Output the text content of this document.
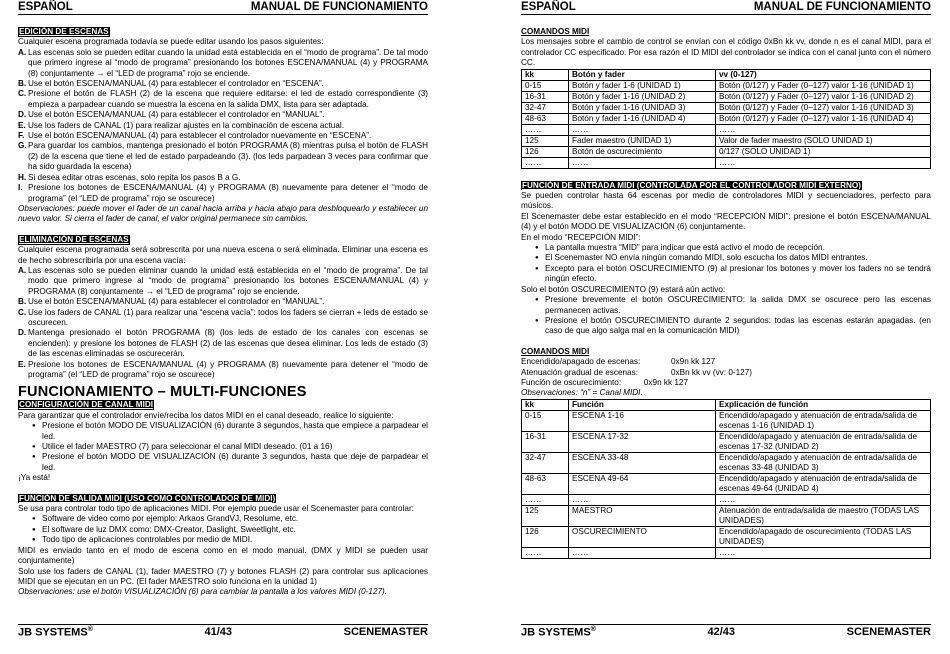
ESPAÑOL	MANUAL DE FUNCIONAMIENTO
EDICIÓN DE ESCENAS

Cualquier escena programada todavía se puede editar usando los pasos siguientes:

A. Las escenas solo se pueden editar cuando la unidad está establecida en el “modo de programa”. De tal modo que primero ingrese al “modo de programa” presionando los botones ESCENA/MANUAL (4) y PROGRAMA (8) conjuntamente → el “LED de programa” rojo se enciende.
B. Use el botón ESCENA/MANUAL (4) para establecer el controlador en “ESCENA”.
C. Presione el botón de FLASH (2) de la escena que requiere editarse: el led de estado correspondiente (3) empieza a parpadear cuando se muestra la escena en la salida DMX, lista para ser adaptada.
D. Use el botón ESCENA/MANUAL (4) para establecer el controlador en “MANUAL”.
E. Use los faders de CANAL (1) para realizar ajustes en la combinación de escena actual.
F. Use el botón ESCENA/MANUAL (4) para establecer el controlador nuevamente en “ESCENA”.
G. Para guardar los cambios, mantenga presionado el botón PROGRAMA (8) mientras pulsa el botón de FLASH (2) de la escena que tiene el led de estado parpadeando (3). (los leds parpadean 3 veces para confirmar que ha sido guardada la escena)
H. Si desea editar otras escenas, solo repita los pasos B a G.
I. Presione los botones de ESCENA/MANUAL (4) y PROGRAMA (8) nuevamente para detener el “modo de programa” (el “LED de programa” rojo se oscurece)

Observaciones: puede mover el fader de un canal hacia arriba y hacia abajo para desbloquearlo y establecer un nuevo valor. Si cierra el fader de canal, el valor original permanece sin cambios.

ELIMINACIÓN DE ESCENAS

Cualquier escena programada será sobrescrita por una nueva escena o será eliminada. Eliminar una escena es de hecho sobrescribirla por una escena vacía:

A. Las escenas solo se pueden eliminar cuando la unidad está establecida en el “modo de programa”. De tal modo que primero ingrese al “modo de programa” presionando los botones ESCENA/MANUAL (4) y PROGRAMA (8) conjuntamente → el “LED de programa” rojo se enciende.
B. Use el botón ESCENA/MANUAL (4) para establecer el controlador en “MANUAL”.
C. Use los faders de CANAL (1) para realizar una “escena vacía”: todos los faders se cierran + leds de estado se oscurecen.
D. Mantenga presionado el botón PROGRAMA (8) (los leds de estado de los canales con escenas se encienden): y presione los botones de FLASH (2) de las escenas que desea eliminar. Los leds de estado (3) de las escenas eliminadas se oscurecerán.
E. Presione los botones de ESCENA/MANUAL (4) y PROGRAMA (8) nuevamente para detener el “modo de programa” (el “LED de programa” rojo se oscurece)
FUNCIONAMIENTO – MULTI-FUNCIONES
CONFIGURACIÓN DE CANAL MIDI

Para garantizar que el controlador envíe/reciba los datos MIDI en el canal deseado, realice lo siguiente:

● Presione el botón MODO DE VISUALIZACIÓN (6) durante 3 segundos, hasta que empiece a parpadear el led.
● Utilice el fader MAESTRO (7) para seleccionar el canal MIDI deseado. (01 a 16)
● Presione el botón MODO DE VISUALIZACIÓN (6) durante 3 segundos, hasta que deje de parpadear el led.

¡Ya está!

FUNCIÓN DE SALIDA MIDI (USO COMO CONTROLADOR DE MIDI)

Se usa para controlar todo tipo de aplicaciones MIDI. Por ejemplo puede usar el Scenemaster para controlar:

● Software de video como por ejemplo: Arkaos GrandVJ, Resolume, etc.
● El software de luz DMX como: DMX-Creator, Daslight, Sweetlight, etc.
● Todo tipo de aplicaciones controlables por medio de MIDI.

MIDI es enviado tanto en el modo de escena como en el modo manual. (DMX y MIDI se pueden usar conjuntamente)

Solo use los faders de CANAL (1), fader MAESTRO (7) y botones FLASH (2) para controlar sus aplicaciones MIDI que se ejecutan en un PC. (El fader MAESTRO solo funciona en la unidad 1)

Observaciones: use el botón VISUALIZACIÓN (6) para cambiar la pantalla a los valores MIDI (0-127).

JB SYSTEMS®	41/43	SCENEMASTER
ESPAÑOL	MANUAL DE FUNCIONAMIENTO
COMANDOS MIDI

Los mensajes sobre el cambio de control se envían con el código 0xBn kk vv, donde n es el canal MIDI, para el controlador CC especificado. Por esa razón el ID MIDI del controlador se indica con el canal junto con el número CC.

kk	Botón y fader	vv (0-127)
0-15	Botón y fader 1-6 (UNIDAD 1)	Botón (0/127) y Fader (0–127) valor 1-16 (UNIDAD 1)
16-31	Botón y fader 1-16 (UNIDAD 2)	Botón (0/127) y Fader (0–127) valor 1-16 (UNIDAD 2)
32-47	Botón y fader 1-16 (UNIDAD 3)	Botón (0/127) y Fader (0–127) valor 1-16 (UNIDAD 3)
48-63	Botón y fader 1-16 (UNIDAD 4)	Botón (0/127) y Fader (0–127) valor 1-16 (UNIDAD 4)
……	……	……
125	Fader maestro (UNIDAD 1)	Valor de fader maestro (SOLO UNIDAD 1)
126	Botón de oscurecimiento	0/127 (SOLO UNIDAD 1)
……	……	……
FUNCIÓN DE ENTRADA MIDI (CONTROLADA POR EL CONTROLADOR MIDI EXTERNO)

Se pueden controlar hasta 64 escenas por medio de controladores MIDI y secuenciadores, perfecto para músicos.

El Scenemaster debe estar establecido en el modo “RECEPCIÓN MIDI”: presione el botón ESCENA/MANUAL (4) y el botón MODO DE VISUALIZACIÓN (6) conjuntamente.

En el modo “RECEPCIÓN MIDI”:

● La pantalla muestra “MID” para indicar que está activo el modo de recepción.
● El Scenemaster NO envía ningún comando MIDI, solo escucha los datos MIDI entrantes.
● Excepto para el botón OSCURECIMIENTO (9) al presionar los botones y mover los faders no se tendrá ningún efecto.

Solo el botón OSCURECIMIENTO (9) estará aún activo:

● Presione brevemente el botón OSCURECIMIENTO: la salida DMX se oscurece pero las escenas permanecen activas.
● Presione el botón OSCURECIMIENTO durante 2 segundos: todas las escenas estarán apagadas. (en caso de que algo salga mal en la comunicación MIDI)
COMANDOS MIDI
Encendido/apagado de escenas:	0x9n kk 127
Atenuación gradual de escenas:	0xBn kk vv (vv: 0-127)

Función de oscurecimiento:          0x9n kk 127

Observaciones: “n” = Canal MIDI.

kk	Función	Explicación de función
0-15	ESCENA 1-16	Encendido/apagado y atenuación de entrada/salida de escenas 1-16 (UNIDAD 1)
16-31	ESCENA 17-32	Encendido/apagado y atenuación de entrada/salida de escenas 17-32 (UNIDAD 2)
32-47	ESCENA 33-48	Encendido/apagado y atenuación de entrada/salida de escenas 33-48 (UNIDAD 3)
48-63	ESCENA 49-64	Encendido/apagado y atenuación de entrada/salida de escenas 49-64 (UNIDAD 4)
……	……	……
125	MAESTRO	Atenuación de entrada/salida de maestro (TODAS LAS UNIDADES)
126	OSCURECIMIENTO	Encendido/apagado de oscurecimiento (TODAS LAS UNIDADES)
……	……	……
JB SYSTEMS®	42/43	SCENEMASTER
